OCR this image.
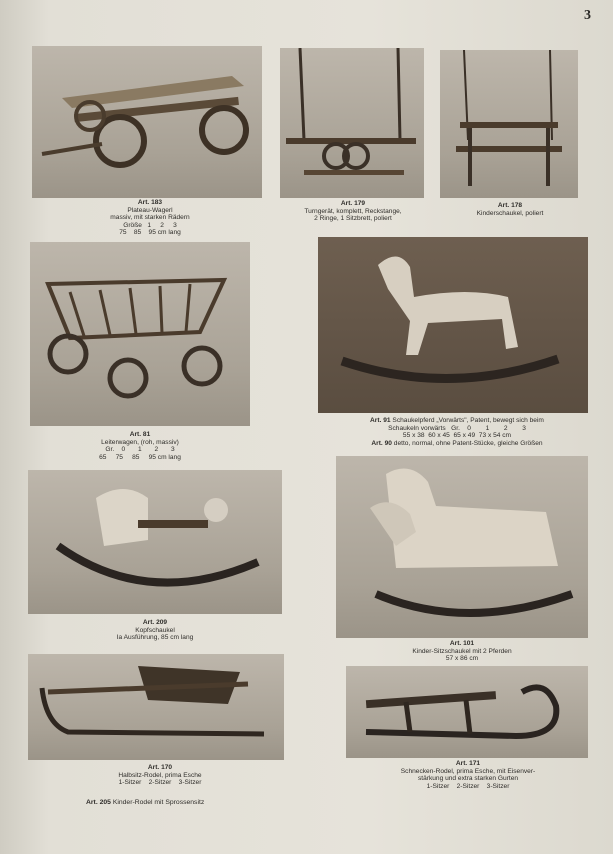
3
Art. 183
Plateau-Wagerl
massiv, mit starken Rädern
Größe   1     2     3
75    85    95 cm lang
Art. 179
Turngerät, komplett, Reckstange,
2 Ringe, 1 Sitzbrett, poliert
Art. 178
Kinderschaukel, poliert
Art. 81
Leiterwagen, (roh, massiv)
Gr.    0       1       2       3
65     75     85     95 cm lang
Art. 91 Schaukelpferd „Vorwärts", Patent, bewegt sich beim
Schaukeln vorwärts   Gr.    0        1        2        3
55 x 38  60 x 45  65 x 49  73 x 54 cm
Art. 90 detto, normal, ohne Patent-Stücke, gleiche Größen
Art. 209
Kopfschaukel
Ia Ausführung, 85 cm lang
Art. 101
Kinder-Sitzschaukel mit 2 Pferden
57 x 86 cm
Art. 170
Halbsitz-Rodel, prima Esche
1-Sitzer    2-Sitzer    3-Sitzer
Art. 205 Kinder-Rodel mit Sprossensitz
Art. 171
Schnecken-Rodel, prima Esche, mit Eisenver-
stärkung und extra starken Gurten
1-Sitzer    2-Sitzer    3-Sitzer
